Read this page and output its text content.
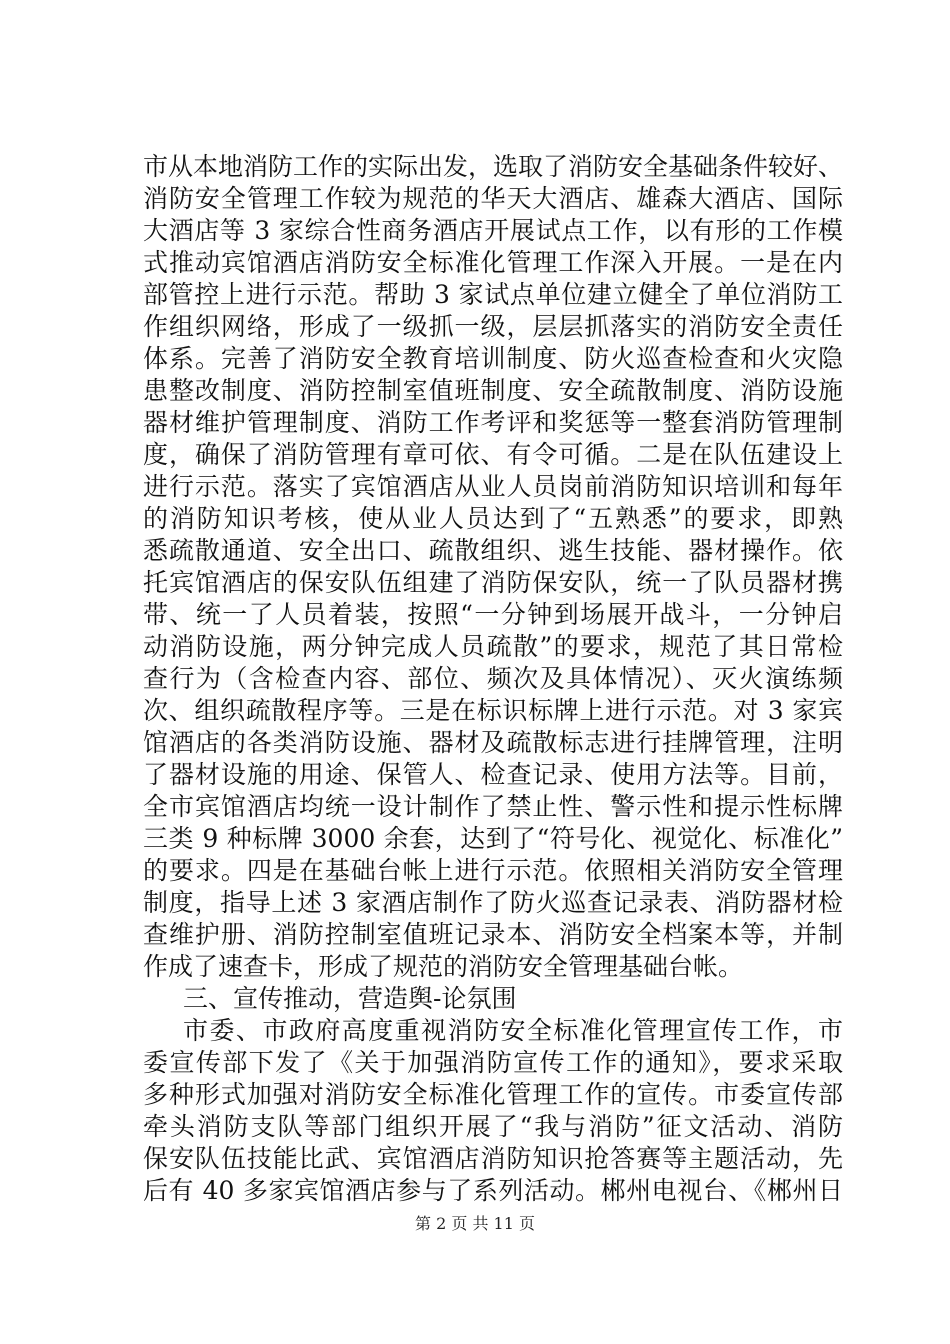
市从本地消防工作的实际出发，选取了消防安全基础条件较好、
消防安全管理工作较为规范的华天大酒店、雄森大酒店、国际
大酒店等 3 家综合性商务酒店开展试点工作，以有形的工作模
式推动宾馆酒店消防安全标准化管理工作深入开展。一是在内
部管控上进行示范。帮助 3 家试点单位建立健全了单位消防工
作组织网络，形成了一级抓一级，层层抓落实的消防安全责任
体系。完善了消防安全教育培训制度、防火巡查检查和火灾隐
患整改制度、消防控制室值班制度、安全疏散制度、消防设施
器材维护管理制度、消防工作考评和奖惩等一整套消防管理制
度，确保了消防管理有章可依、有令可循。二是在队伍建设上
进行示范。落实了宾馆酒店从业人员岗前消防知识培训和每年
的消防知识考核，使从业人员达到了“五熟悉”的要求，即熟
悉疏散通道、安全出口、疏散组织、逃生技能、器材操作。依
托宾馆酒店的保安队伍组建了消防保安队，统一了队员器材携
带、统一了人员着装，按照“一分钟到场展开战斗，一分钟启
动消防设施，两分钟完成人员疏散”的要求，规范了其日常检
查行为（含检查内容、部位、频次及具体情况）、灭火演练频
次、组织疏散程序等。三是在标识标牌上进行示范。对 3 家宾
馆酒店的各类消防设施、器材及疏散标志进行挂牌管理，注明
了器材设施的用途、保管人、检查记录、使用方法等。目前，
全市宾馆酒店均统一设计制作了禁止性、警示性和提示性标牌
三类 9 种标牌 3000 余套，达到了“符号化、视觉化、标准化”
的要求。四是在基础台帐上进行示范。依照相关消防安全管理
制度，指导上述 3 家酒店制作了防火巡查记录表、消防器材检
查维护册、消防控制室值班记录本、消防安全档案本等，并制
作成了速查卡，形成了规范的消防安全管理基础台帐。
三、宣传推动，营造舆-论氛围
市委、市政府高度重视消防安全标准化管理宣传工作，市
委宣传部下发了《关于加强消防宣传工作的通知》，要求采取
多种形式加强对消防安全标准化管理工作的宣传。市委宣传部
牵头消防支队等部门组织开展了“我与消防”征文活动、消防
保安队伍技能比武、宾馆酒店消防知识抢答赛等主题活动，先
后有 40 多家宾馆酒店参与了系列活动。郴州电视台、《郴州日
第 2 页 共 11 页
